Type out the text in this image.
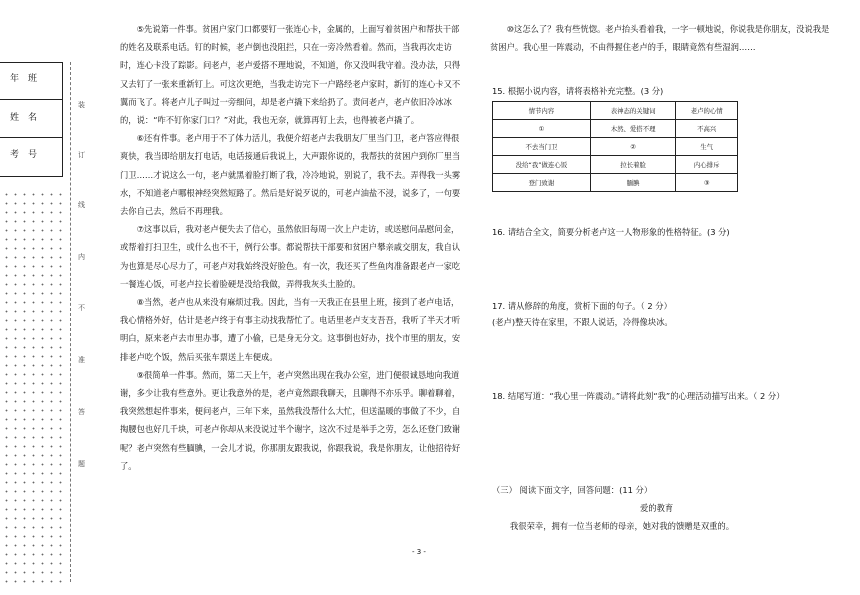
年　班
姓　名
考　号
装
订
线
内
不
准
答
题

⑤先说第一件事。贫困户家门口都要钉一张连心卡，金属的，上面写着贫困户和帮扶干部的姓名及联系电话。钉的时候，老卢倒也没阻拦，只在一旁冷然看着。然而，当我再次走访时，连心卡没了踪影。问老卢，老卢爱搭不理地说，不知道，你又没叫我守着。没办法，只得又去钉了一张来重新钉上。可这次更绝，当我走访完下一户路经老卢家时，新钉的连心卡又不翼而飞了。将老卢儿子叫过一旁细问，却是老卢撬下来给扔了。责问老卢，老卢依旧冷冰冰的，说：“咋不钉你家门口？”对此，我也无奈，就算再钉上去，也得被老卢撬了。

⑥还有件事。老卢用于不了体力活儿，我便介绍老卢去我朋友厂里当门卫，老卢答应得很爽快，我当即给朋友打电话，电话接通后我说上，大声跟你说的，我帮扶的贫困户到你厂里当门卫……才说这么一句，老卢就黑着脸打断了我，冷冷地说，别说了，我不去。弄得我一头雾水，不知道老卢哪根神经突然短路了。然后是好说歹说的，可老卢油盐不浸，说多了，一句要去你自己去，然后不再理我。

⑦这事以后，我对老卢便失去了信心，虽然依旧每周一次上户走访，或送慰问品慰问金，或帮着打扫卫生，或什么也不干，例行公事。都说帮扶干部要和贫困户攀亲戚交朋友，我自认为也算是尽心尽力了，可老卢对我始终没好脸色。有一次，我还买了些鱼肉准备跟老卢一家吃一餐连心饭，可老卢拉长着脸硬是没给我做，弄得我灰头土脸的。

⑧当然，老卢也从来没有麻烦过我。因此，当有一天我正在县里上班，接到了老卢电话，我心情格外好，估计是老卢终于有事主动找我帮忙了。电话里老卢支支吾吾，我听了半天才听明白，原来老卢去市里办事，遭了小偷，已是身无分文。这事倒也好办，找个市里的朋友，安排老卢吃个饭，然后买张车票送上车便成。

⑨很简单一件事。然而，第二天上午，老卢突然出现在我办公室，进门便很诚恳地向我道谢，多少让我有些意外。更让我意外的是，老卢竟然跟我聊天，且聊得不亦乐乎。聊着聊着，我突然想起件事来，便问老卢，三年下来，虽然我没帮什么大忙，但送温暖的事做了不少，自掏腰包也好几千块，可老卢你却从来没说过半个谢字，这次不过是举手之劳，怎么还登门致谢呢？老卢突然有些腼腆，一会儿才说，你那朋友跟我说，你跟我说，我是你朋友，让他招待好了。

⑩这怎么了？我有些恍惚。老卢抬头看着我，一字一顿地说，你说我是你朋友，没说我是贫困户。我心里一阵震动，不由得握住老卢的手，眼睛竟然有些湿润……

15. 根据小说内容，请将表格补充完整。(3 分)
情节内容	表神态的关键词	老卢的心情
①	木然、爱搭不理	不高兴
不去当门卫	②	生气
没给“我”做连心饭	拉长着脸	内心排斥
登门致谢	腼腆	③
16. 请结合全文，简要分析老卢这一人物形象的性格特征。(3 分)
17. 请从修辞的角度，赏析下面的句子。（ 2 分）
(老卢)整天待在家里，不跟人说话，冷得像块冰。
18. 结尾写道：“我心里一阵震动。”请将此刻“我”的心理活动描写出来。（ 2 分）
（三） 阅读下面文字，回答问题：(11 分）
爱的教育
我很荣幸，拥有一位当老师的母亲，她对我的馈赠是双重的。
- 3 -
